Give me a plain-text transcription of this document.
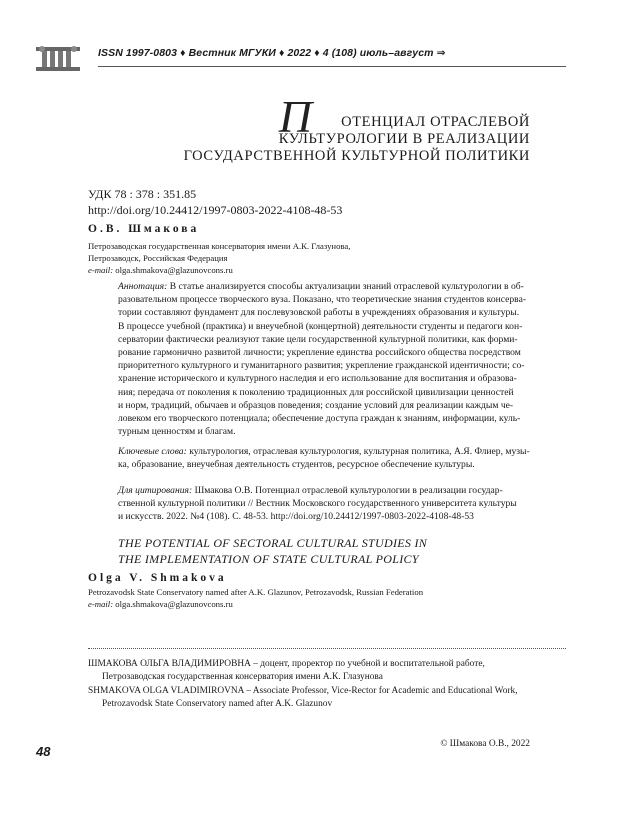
ISSN 1997-0803 ♦ Вестник МГУКИ ♦ 2022 ♦ 4 (108) июль–август ⇒
П	ОТЕНЦИАЛ ОТРАСЛЕВОЙ
КУЛЬТУРОЛОГИИ В РЕАЛИЗАЦИИ
ГОСУДАРСТВЕННОЙ КУЛЬТУРНОЙ ПОЛИТИКИ
УДК 78 : 378 : 351.85
http://doi.org/10.24412/1997-0803-2022-4108-48-53
О.В. Шмакова
Петрозаводская государственная консерватория имени А.К. Глазунова,
Петрозаводск, Российская Федерация
e-mail: olga.shmakova@glazunovcons.ru
Аннотация: В статье анализируется способы актуализации знаний отраслевой культурологии в об-
разовательном процессе творческого вуза. Показано, что теоретические знания студентов консерва-
тории составляют фундамент для послевузовской работы в учреждениях образования и культуры.
В процессе учебной (практика) и внеучебной (концертной) деятельности студенты и педагоги кон-
серватории фактически реализуют такие цели государственной культурной политики, как форми-
рование гармонично развитой личности; укрепление единства российского общества посредством
приоритетного культурного и гуманитарного развития; укрепление гражданской идентичности; со-
хранение исторического и культурного наследия и его использование для воспитания и образова-
ния; передача от поколения к поколению традиционных для российской цивилизации ценностей
и норм, традиций, обычаев и образцов поведения; создание условий для реализации каждым че-
ловеком его творческого потенциала; обеспечение доступа граждан к знаниям, информации, куль-
турным ценностям и благам.
Ключевые слова: культурология, отраслевая культурология, культурная политика, А.Я. Флиер, музы-
ка, образование, внеучебная деятельность студентов, ресурсное обеспечение культуры.
Для цитирования: Шмакова О.В. Потенциал отраслевой культурологии в реализации государ-
ственной культурной политики // Вестник Московского государственного университета культуры
и искусств. 2022. №4 (108). С. 48-53. http://doi.org/10.24412/1997-0803-2022-4108-48-53
THE POTENTIAL OF SECTORAL CULTURAL STUDIES IN
THE IMPLEMENTATION OF STATE CULTURAL POLICY
Olga V. Shmakova
Petrozavodsk State Conservatory named after A.K. Glazunov, Petrozavodsk, Russian Federation
e-mail: olga.shmakova@glazunovcons.ru
ШМАКОВА ОЛЬГА ВЛАДИМИРОВНА – доцент, проректор по учебной и воспитательной работе,
Петрозаводская государственная консерватория имени А.К. Глазунова
SHMAKOVA OLGA VLADIMIROVNA – Associate Professor, Vice-Rector for Academic and Educational Work,
Petrozavodsk State Conservatory named after A.K. Glazunov
© Шмакова О.В., 2022
48
